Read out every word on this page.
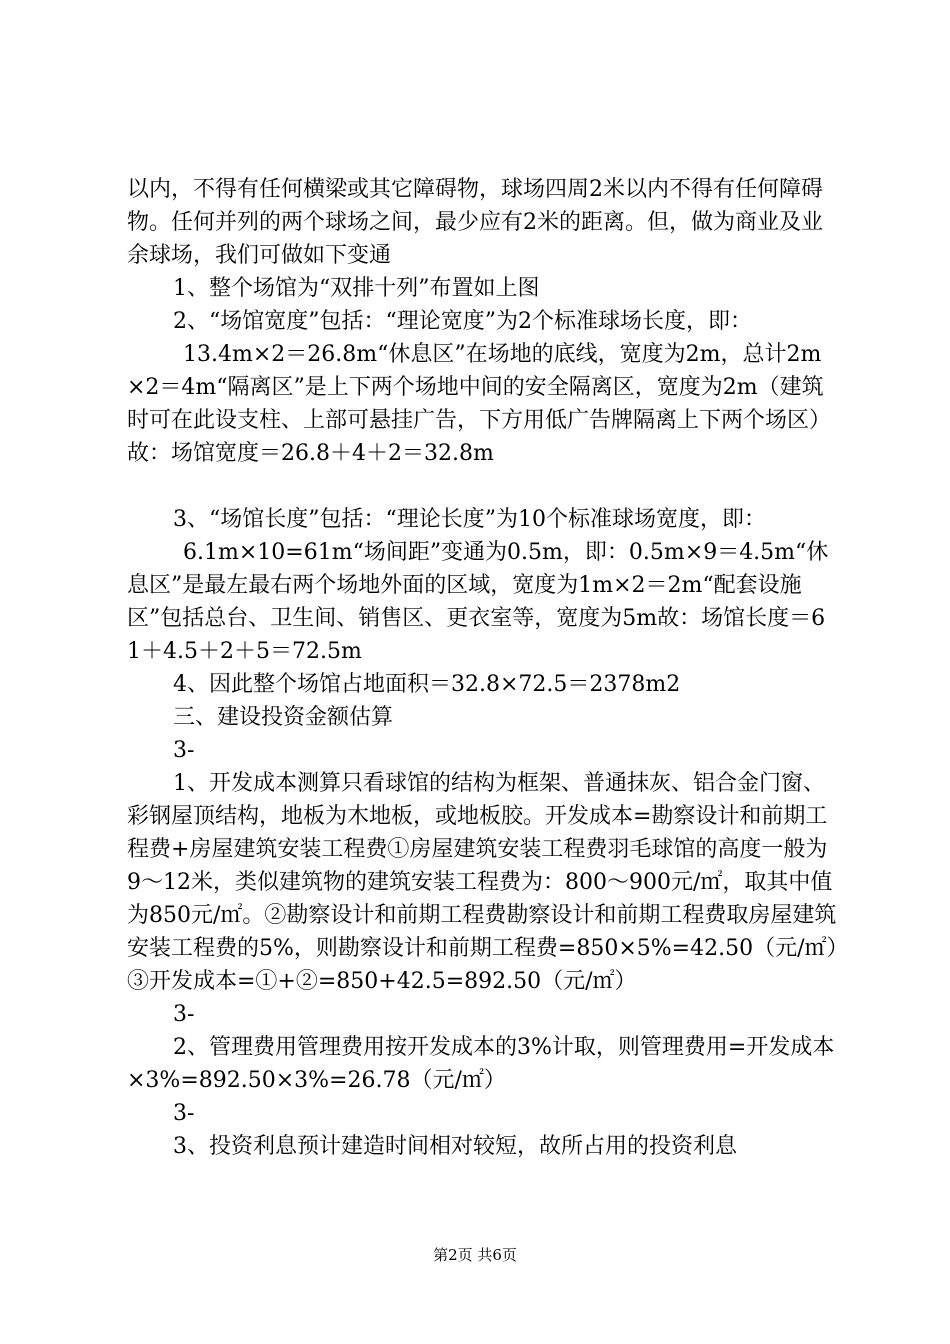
以内，不得有任何横梁或其它障碍物，球场四周2米以内不得有任何障碍物。任何并列的两个球场之间，最少应有2米的距离。但，做为商业及业余球场，我们可做如下变通

1、整个场馆为“双排十列”布置如上图

2、“场馆宽度”包括：“理论宽度”为2个标准球场长度，即：

13.4m×2＝26.8m“休息区”在场地的底线，宽度为2m，总计2m×2＝4m“隔离区”是上下两个场地中间的安全隔离区，宽度为2m（建筑时可在此设支柱、上部可悬挂广告，下方用低广告牌隔离上下两个场区）故：场馆宽度＝26.8＋4＋2＝32.8m

3、“场馆长度”包括：“理论长度”为10个标准球场宽度，即：

6.1m×10=61m“场间距”变通为0.5m，即：0.5m×9＝4.5m“休息区”是最左最右两个场地外面的区域，宽度为1m×2＝2m“配套设施区”包括总台、卫生间、销售区、更衣室等，宽度为5m故：场馆长度＝61＋4.5＋2＋5＝72.5m

4、因此整个场馆占地面积＝32.8×72.5＝2378m2

三、建设投资金额估算

3-

1、开发成本测算只看球馆的结构为框架、普通抹灰、铝合金门窗、彩钢屋顶结构，地板为木地板，或地板胶。开发成本=勘察设计和前期工程费+房屋建筑安装工程费①房屋建筑安装工程费羽毛球馆的高度一般为9～12米，类似建筑物的建筑安装工程费为：800～900元/㎡，取其中值为850元/㎡。②勘察设计和前期工程费勘察设计和前期工程费取房屋建筑安装工程费的5%，则勘察设计和前期工程费=850×5%=42.50（元/㎡）③开发成本=①+②=850+42.5=892.50（元/㎡）

3-

2、管理费用管理费用按开发成本的3%计取，则管理费用=开发成本×3%=892.50×3%=26.78（元/㎡）

3-

3、投资利息预计建造时间相对较短，故所占用的投资利息

第2页 共6页
